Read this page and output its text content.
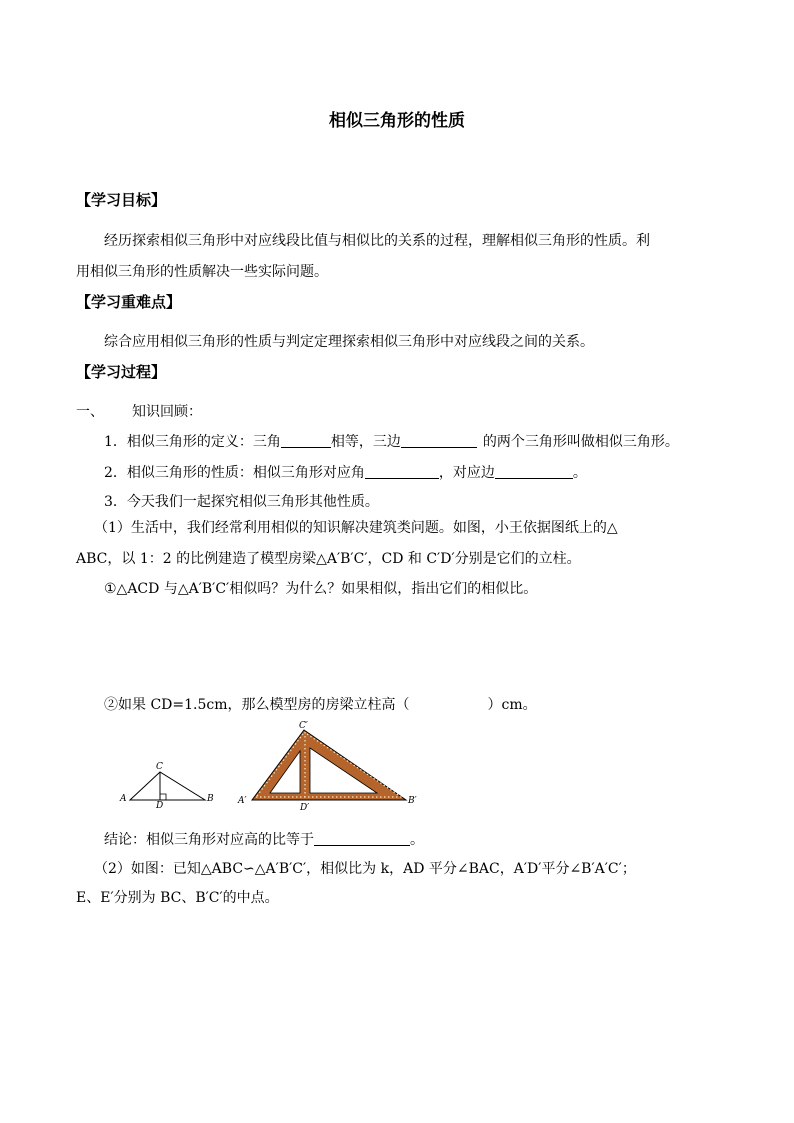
相似三角形的性质
【学习目标】
经历探索相似三角形中对应线段比值与相似比的关系的过程，理解相似三角形的性质。利
用相似三角形的性质解决一些实际问题。
【学习重难点】
综合应用相似三角形的性质与判定定理探索相似三角形中对应线段之间的关系。
【学习过程】
一、 知识回顾：
1．相似三角形的定义：三角	相等，三边	的两个三角形叫做相似三角形。
2．相似三角形的性质：相似三角形对应角	，对应边	。
3．今天我们一起探究相似三角形其他性质。
（1）生活中，我们经常利用相似的知识解决建筑类问题。如图，小王依据图纸上的△
ABC，以 1：2 的比例建造了模型房梁△A′B′C′，CD 和 C′D′分别是它们的立柱。
①△ACD 与△A′B′C′相似吗？为什么？如果相似，指出它们的相似比。
②如果 CD=1.5cm，那么模型房的房梁立柱高（	）cm。
C
A	B
D
C′
A′	B′
D′
结论：相似三角形对应高的比等于	。
（2）如图：已知△ABC∽△A′B′C′，相似比为 k，AD 平分∠BAC，A′D′平分∠B′A′C′；
E、E′分别为 BC、B′C′的中点。
